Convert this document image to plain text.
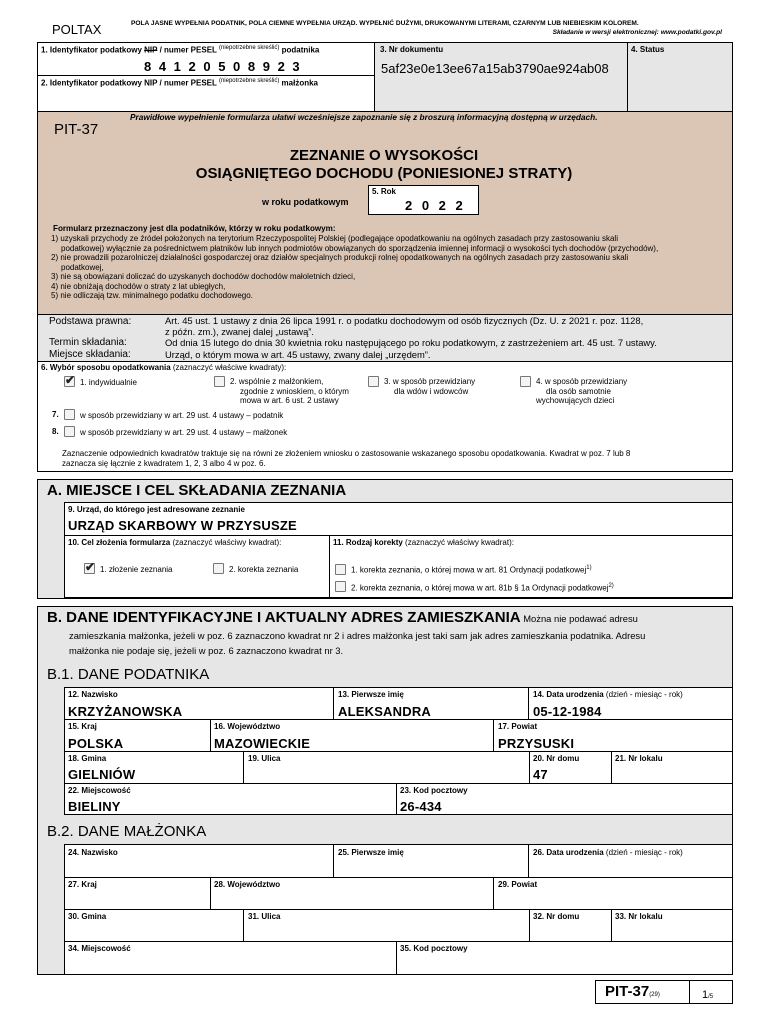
POLTAX	POLA JASNE WYPEŁNIA PODATNIK, POLA CIEMNE WYPEŁNIA URZĄD. WYPEŁNIĆ DUŻYMI, DRUKOWANYMI LITERAMI, CZARNYM LUB NIEBIESKIM KOLOREM.
Składanie w wersji elektronicznej: www.podatki.gov.pl
1. Identyfikator podatkowy NIP / numer PESEL $^{(niepotrzebne skreślić)}$ podatnika
8 4 1 2 0 5 0 8 9 2 3
2. Identyfikator podatkowy NIP / numer PESEL $^{(niepotrzebne skreślić)}$ małżonka
3. Nr dokumentu
5af23e0e13ee67a15ab3790ae924ab08
4. Status
Prawidłowe wypełnienie formularza ułatwi wcześniejsze zapoznanie się z broszurą informacyjną dostępną w urzędach.
PIT-37
ZEZNANIE O WYSOKOŚCI
OSIĄGNIĘTEGO DOCHODU (PONIESIONEJ STRATY)
w roku podatkowym
5. Rok
2 0 2 2
Formularz przeznaczony jest dla podatników, którzy w roku podatkowym:
1) uzyskali przychody ze źródeł położonych na terytorium Rzeczypospolitej Polskiej (podlegające opodatkowaniu na ogólnych zasadach przy zastosowaniu skali
podatkowej) wyłącznie za pośrednictwem płatników lub innych podmiotów obowiązanych do sporządzenia imiennej informacji o wysokości tych dochodów (przychodów),
2) nie prowadzili pozarolniczej działalności gospodarczej oraz działów specjalnych produkcji rolnej opodatkowanych na ogólnych zasadach przy zastosowaniu skali
podatkowej,
3) nie są obowiązani doliczać do uzyskanych dochodów dochodów małoletnich dzieci,
4) nie obniżają dochodów o straty z lat ubiegłych,
5) nie odliczają tzw. minimalnego podatku dochodowego.
Podstawa prawna:	Art. 45 ust. 1 ustawy z dnia 26 lipca 1991 r. o podatku dochodowym od osób fizycznych (Dz. U. z 2021 r. poz. 1128,
z późn. zm.), zwanej dalej „ustawą”.
Termin składania:	Od dnia 15 lutego do dnia 30 kwietnia roku następującego po roku podatkowym, z zastrzeżeniem art. 45 ust. 7 ustawy.
Miejsce składania:	Urząd, o którym mowa w art. 45 ustawy, zwany dalej „urzędem”.
6. Wybór sposobu opodatkowania (zaznaczyć właściwe kwadraty):
✔ 1. indywidualnie	2. wspólnie z małżonkiem,
zgodnie z wnioskiem, o którym
mowa w art. 6 ust. 2 ustawy
3. w sposób przewidziany
dla wdów i wdowców
4. w sposób przewidziany
dla osób samotnie
wychowujących dzieci
7.	w sposób przewidziany w art. 29 ust. 4 ustawy – podatnik
8.	w sposób przewidziany w art. 29 ust. 4 ustawy – małżonek
Zaznaczenie odpowiednich kwadratów traktuje się na równi ze złożeniem wniosku o zastosowanie wskazanego sposobu opodatkowania. Kwadrat w poz. 7 lub 8
zaznacza się łącznie z kwadratem 1, 2, 3 albo 4 w poz. 6.
A. MIEJSCE I CEL SKŁADANIA ZEZNANIA
9. Urząd, do którego jest adresowane zeznanie
URZĄD SKARBOWY W PRZYSUSZE
10. Cel złożenia formularza (zaznaczyć właściwy kwadrat):
✔ 1. złożenie zeznania	2. korekta zeznania
11. Rodzaj korekty (zaznaczyć właściwy kwadrat):
1. korekta zeznania, o której mowa w art. 81 Ordynacji podatkowej$^{1)}$
2. korekta zeznania, o której mowa w art. 81b § 1a Ordynacji podatkowej$^{2)}$
B. DANE IDENTYFIKACYJNE I AKTUALNY ADRES ZAMIESZKANIA Można nie podawać adresu
zamieszkania małżonka, jeżeli w poz. 6 zaznaczono kwadrat nr 2 i adres małżonka jest taki sam jak adres zamieszkania podatnika. Adresu
małżonka nie podaje się, jeżeli w poz. 6 zaznaczono kwadrat nr 3.
B.1. DANE PODATNIKA
12. Nazwisko
KRZYŻANOWSKA
13. Pierwsze imię
ALEKSANDRA
14. Data urodzenia (dzień - miesiąc - rok)
05-12-1984
15. Kraj
POLSKA
16. Województwo
MAZOWIECKIE
17. Powiat
PRZYSUSKI
18. Gmina
GIELNIÓW
19. Ulica	20. Nr domu
47
21. Nr lokalu
22. Miejscowość
BIELINY
23. Kod pocztowy
26-434
B.2. DANE MAŁŻONKA
24. Nazwisko	25. Pierwsze imię	26. Data urodzenia (dzień - miesiąc - rok)
27. Kraj	28. Województwo	29. Powiat
30. Gmina	31. Ulica	32. Nr domu	33. Nr lokalu
34. Miejscowość	35. Kod pocztowy
PIT-37(29)	1/5
